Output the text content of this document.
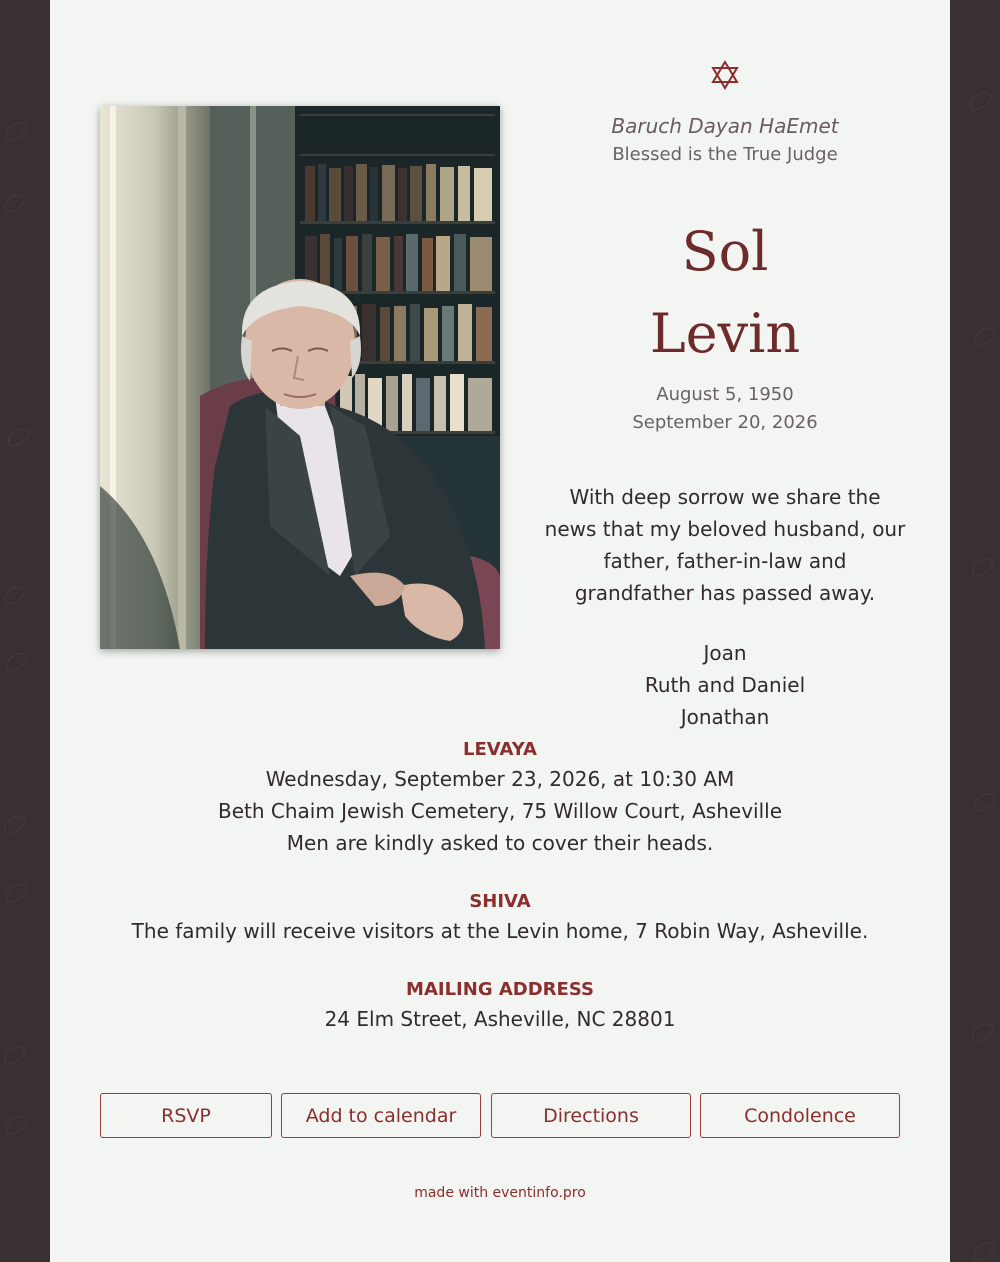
Baruch Dayan HaEmet
Blessed is the True Judge
Sol
Levin
August 5, 1950
September 20, 2026
With deep sorrow we share the
news that my beloved husband, our
father, father-in-law and
grandfather has passed away.
Joan
Ruth and Daniel
Jonathan
LEVAYA
Wednesday, September 23, 2026, at 10:30 AM
Beth Chaim Jewish Cemetery, 75 Willow Court, Asheville
Men are kindly asked to cover their heads.
SHIVA
The family will receive visitors at the Levin home, 7 Robin Way, Asheville.
MAILING ADDRESS
24 Elm Street, Asheville, NC 28801
RSVP	Add to calendar	Directions	Condolence
made with eventinfo.pro
